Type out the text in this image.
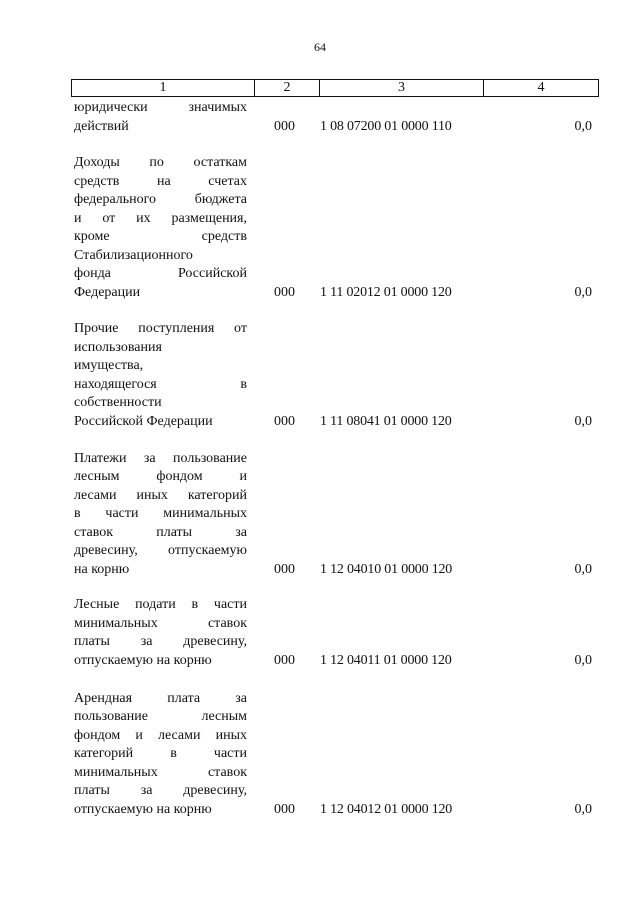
64
1	2	3	4
юридически значимых
действий	000	1 08 07200 01 0000 110	0,0
Доходы по остаткам
средств на счетах
федерального бюджета
и от их размещения,
кроме средств
Стабилизационного
фонда Российской
Федерации	000	1 11 02012 01 0000 120	0,0
Прочие поступления от
использования
имущества,
находящегося в
собственности
Российской Федерации	000	1 11 08041 01 0000 120	0,0
Платежи за пользование
лесным фондом и
лесами иных категорий
в части минимальных
ставок платы за
древесину, отпускаемую
на корню	000	1 12 04010 01 0000 120	0,0
Лесные подати в части
минимальных ставок
платы за древесину,
отпускаемую на корню	000	1 12 04011 01 0000 120	0,0
Арендная плата за
пользование лесным
фондом и лесами иных
категорий в части
минимальных ставок
платы за древесину,
отпускаемую на корню	000	1 12 04012 01 0000 120	0,0
